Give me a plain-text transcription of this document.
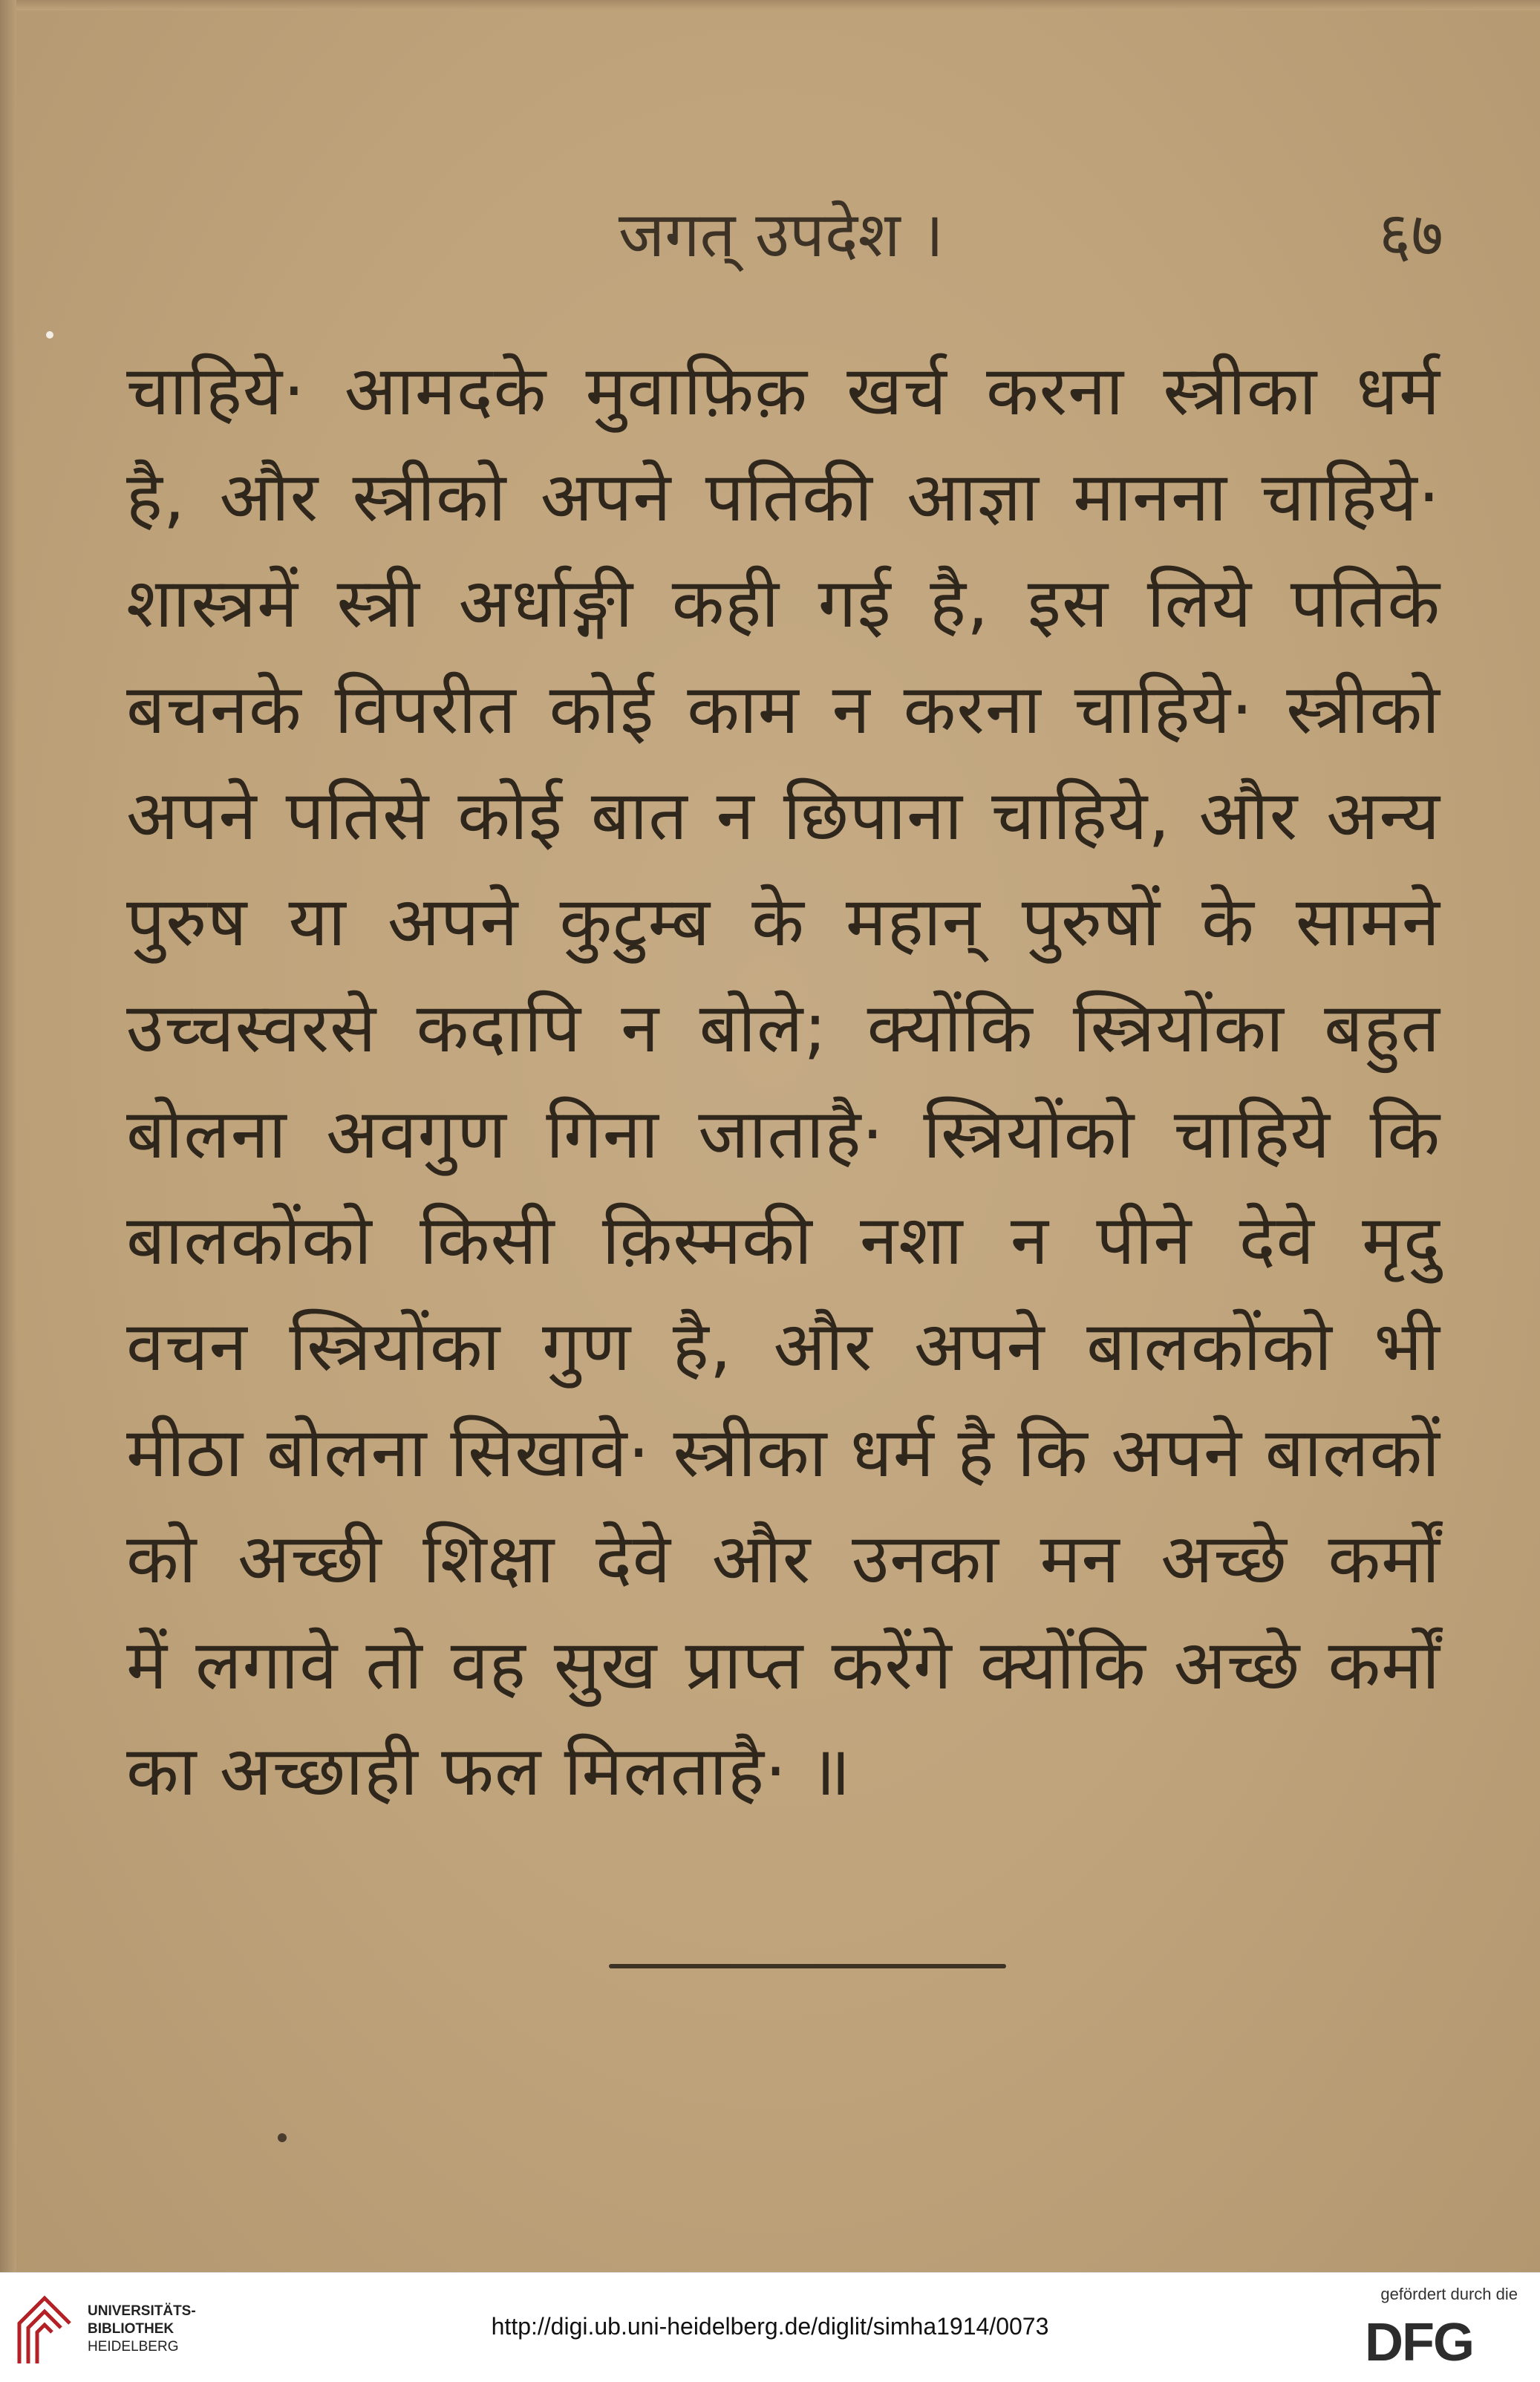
जगत् उपदेश ।	६७
चाहिये· आमदके मुवाफ़िक़ खर्च करना स्त्रीका धर्म
है, और स्त्रीको अपने पतिकी आज्ञा मानना चाहिये·
शास्त्रमें स्त्री अर्धाङ्गी कही गई है, इस लिये पतिके
बचनके विपरीत कोई काम न करना चाहिये· स्त्रीको
अपने पतिसे कोई बात न छिपाना चाहिये, और अन्य
पुरुष या अपने कुटुम्ब के महान् पुरुषों के सामने
उच्चस्वरसे कदापि न बोले; क्योंकि स्त्रियोंका बहुत
बोलना अवगुण गिना जाताहै· स्त्रियोंको चाहिये कि
बालकोंको किसी क़िस्मकी नशा न पीने देवे मृदु
वचन स्त्रियोंका गुण है, और अपने बालकोंको भी
मीठा बोलना सिखावे· स्त्रीका धर्म है कि अपने बालकों
को अच्छी शिक्षा देवे और उनका मन अच्छे कर्मों
में लगावे तो वह सुख प्राप्त करेंगे क्योंकि अच्छे कर्मों
का अच्छाही फल मिलताहै· ॥
UNIVERSITÄTS-
BIBLIOTHEK
HEIDELBERG
http://digi.ub.uni-heidelberg.de/diglit/simha1914/0073
gefördert durch die
DFG
